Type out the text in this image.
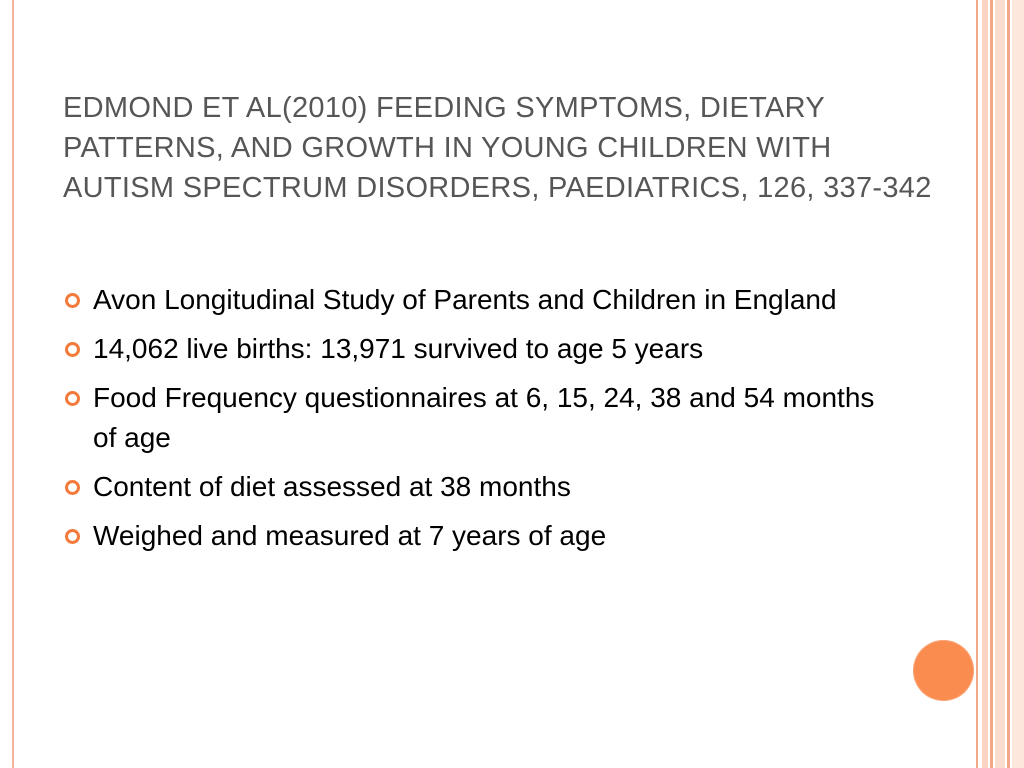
EDMOND ET AL(2010) FEEDING SYMPTOMS, DIETARY PATTERNS, AND GROWTH IN YOUNG CHILDREN WITH AUTISM SPECTRUM DISORDERS, PAEDIATRICS, 126, 337-342
Avon Longitudinal Study of Parents and Children in England
14,062 live births: 13,971 survived to age 5 years
Food Frequency questionnaires at 6, 15, 24, 38 and 54 months of age
Content of diet assessed at 38 months
Weighed and measured at 7 years of age
